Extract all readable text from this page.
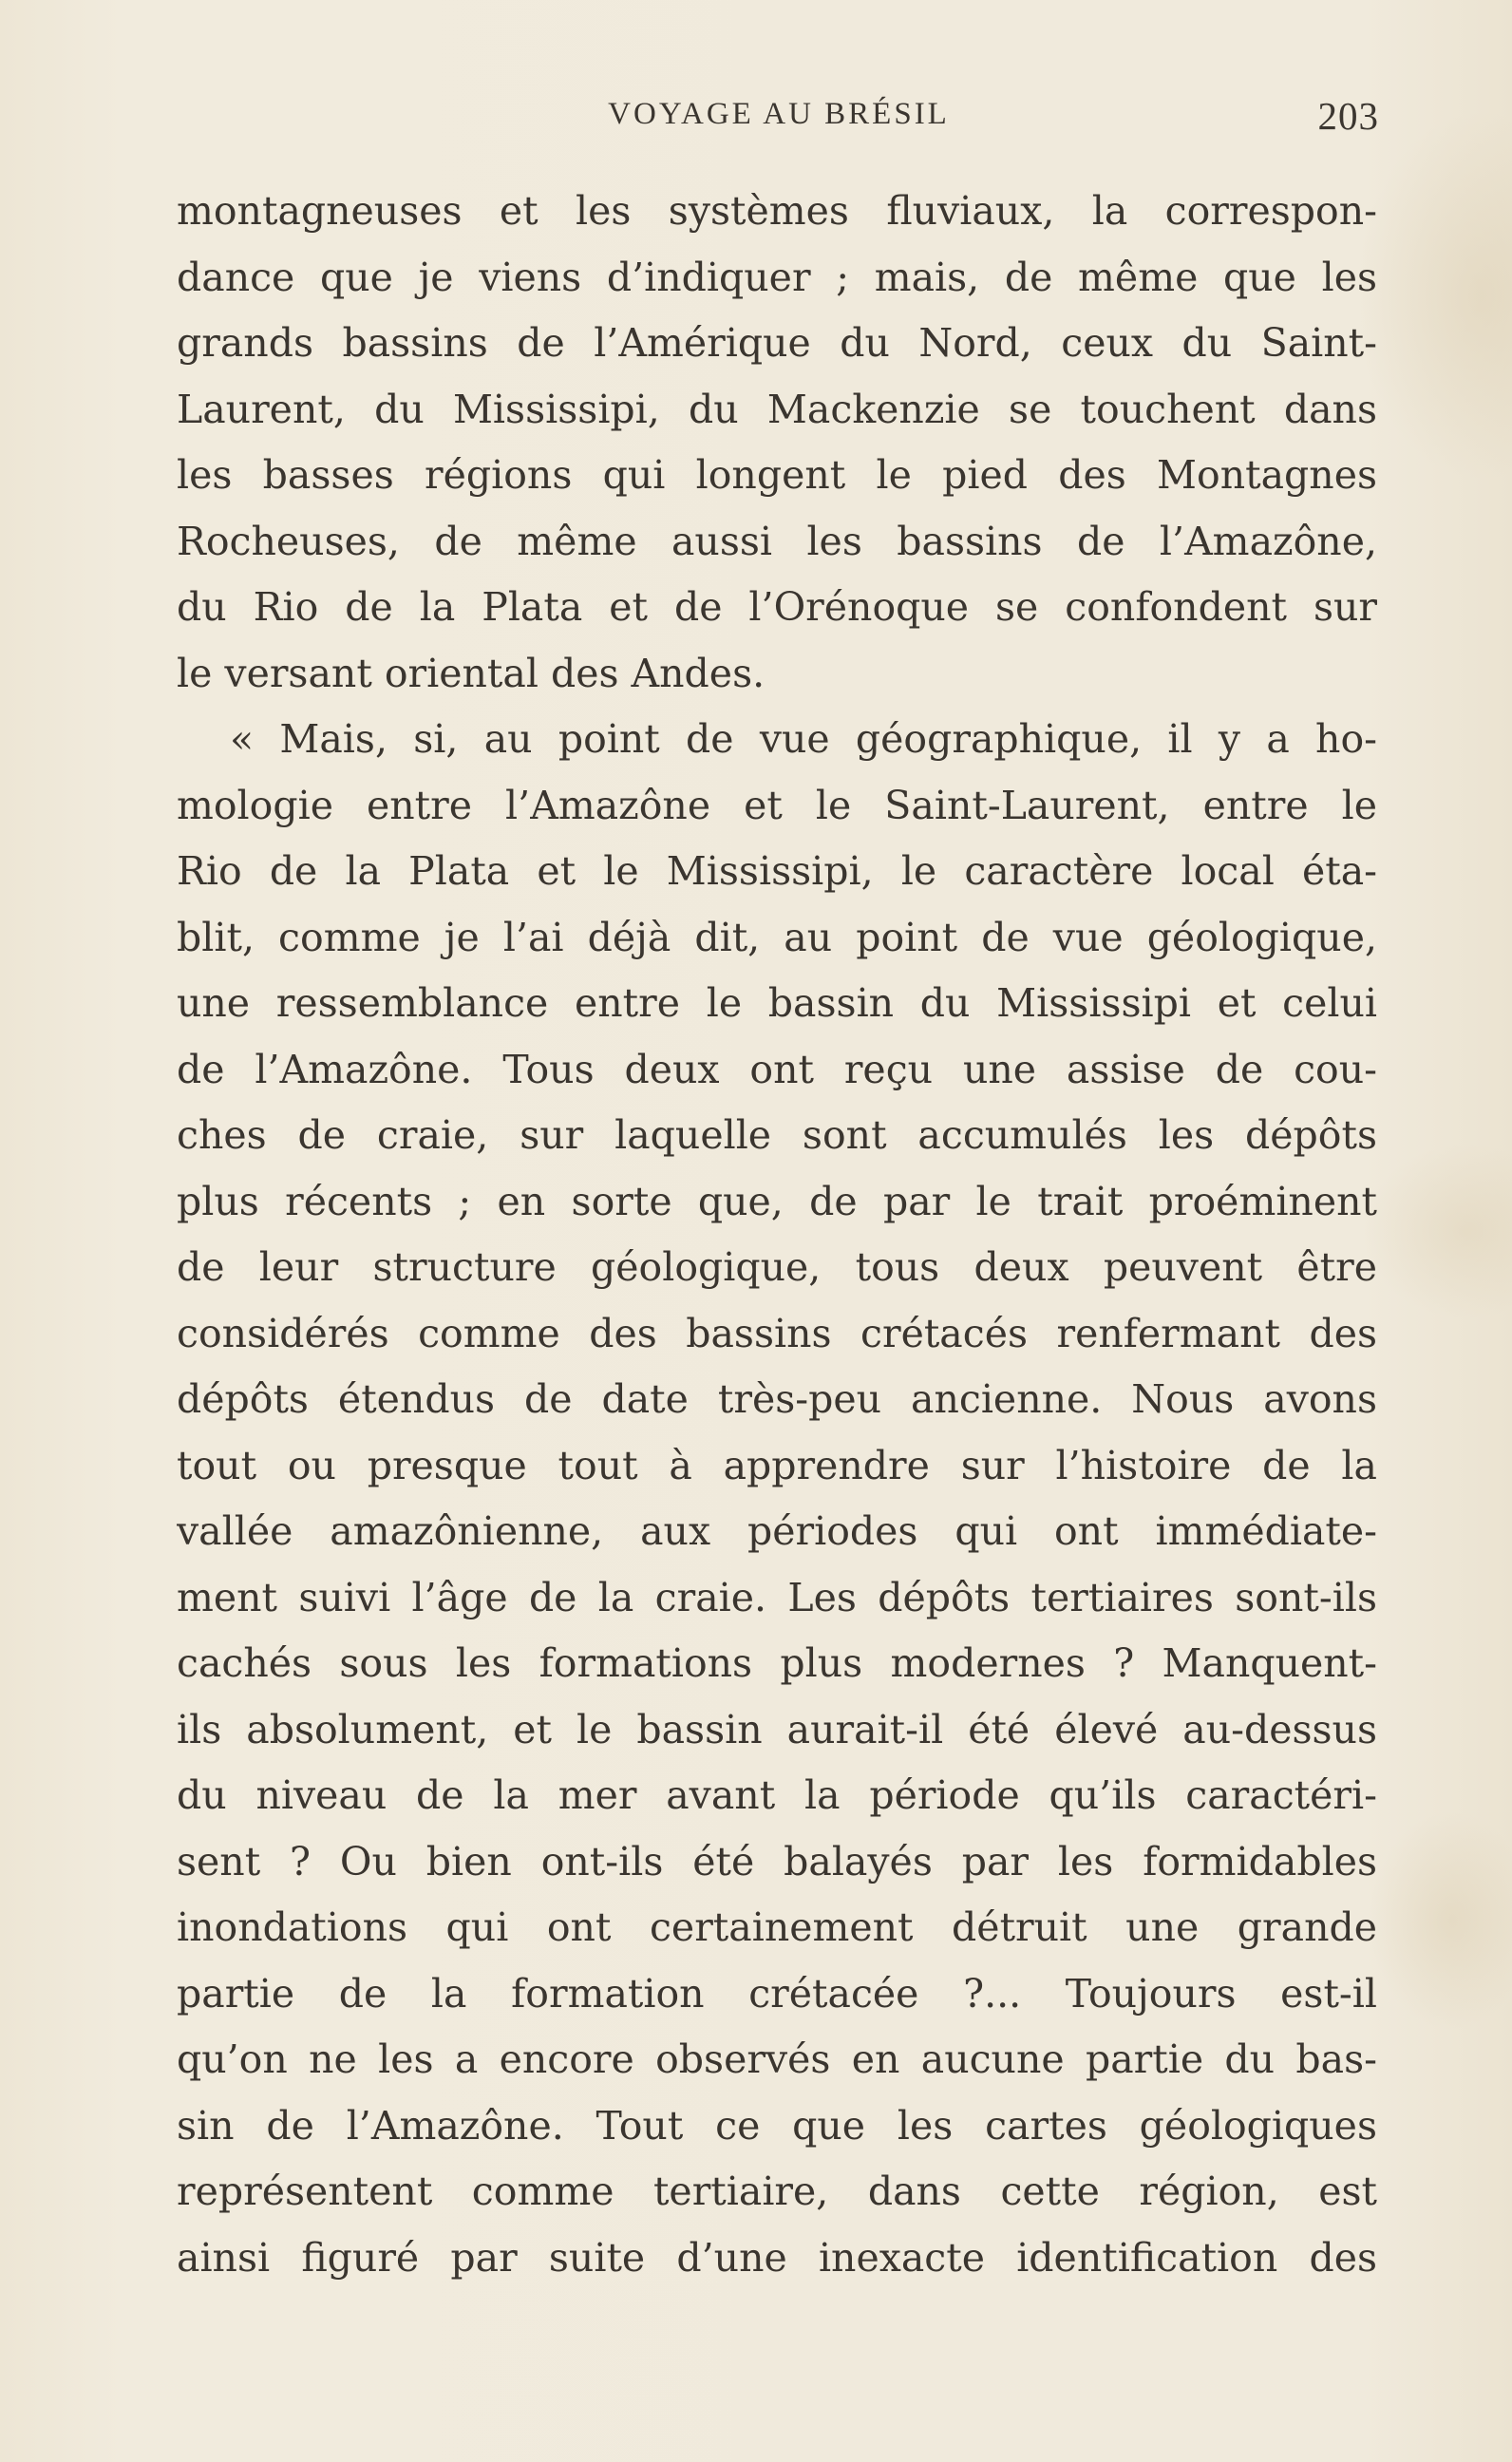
VOYAGE AU BRÉSIL	203
montagneuses et les systèmes fluviaux, la correspon-
dance que je viens d’indiquer ; mais, de même que les
grands bassins de l’Amérique du Nord, ceux du Saint-
Laurent, du Mississipi, du Mackenzie se touchent dans
les basses régions qui longent le pied des Montagnes
Rocheuses, de même aussi les bassins de l’Amazône,
du Rio de la Plata et de l’Orénoque se confondent sur
le versant oriental des Andes.
« Mais, si, au point de vue géographique, il y a ho-
mologie entre l’Amazône et le Saint-Laurent, entre le
Rio de la Plata et le Mississipi, le caractère local éta-
blit, comme je l’ai déjà dit, au point de vue géologique,
une ressemblance entre le bassin du Mississipi et celui
de l’Amazône. Tous deux ont reçu une assise de cou-
ches de craie, sur laquelle sont accumulés les dépôts
plus récents ; en sorte que, de par le trait proéminent
de leur structure géologique, tous deux peuvent être
considérés comme des bassins crétacés renfermant des
dépôts étendus de date très-peu ancienne. Nous avons
tout ou presque tout à apprendre sur l’histoire de la
vallée amazônienne, aux périodes qui ont immédiate-
ment suivi l’âge de la craie. Les dépôts tertiaires sont-ils
cachés sous les formations plus modernes ? Manquent-
ils absolument, et le bassin aurait-il été élevé au-dessus
du niveau de la mer avant la période qu’ils caractéri-
sent ? Ou bien ont-ils été balayés par les formidables
inondations qui ont certainement détruit une grande
partie de la formation crétacée ?... Toujours est-il
qu’on ne les a encore observés en aucune partie du bas-
sin de l’Amazône. Tout ce que les cartes géologiques
représentent comme tertiaire, dans cette région, est
ainsi figuré par suite d’une inexacte identification des
